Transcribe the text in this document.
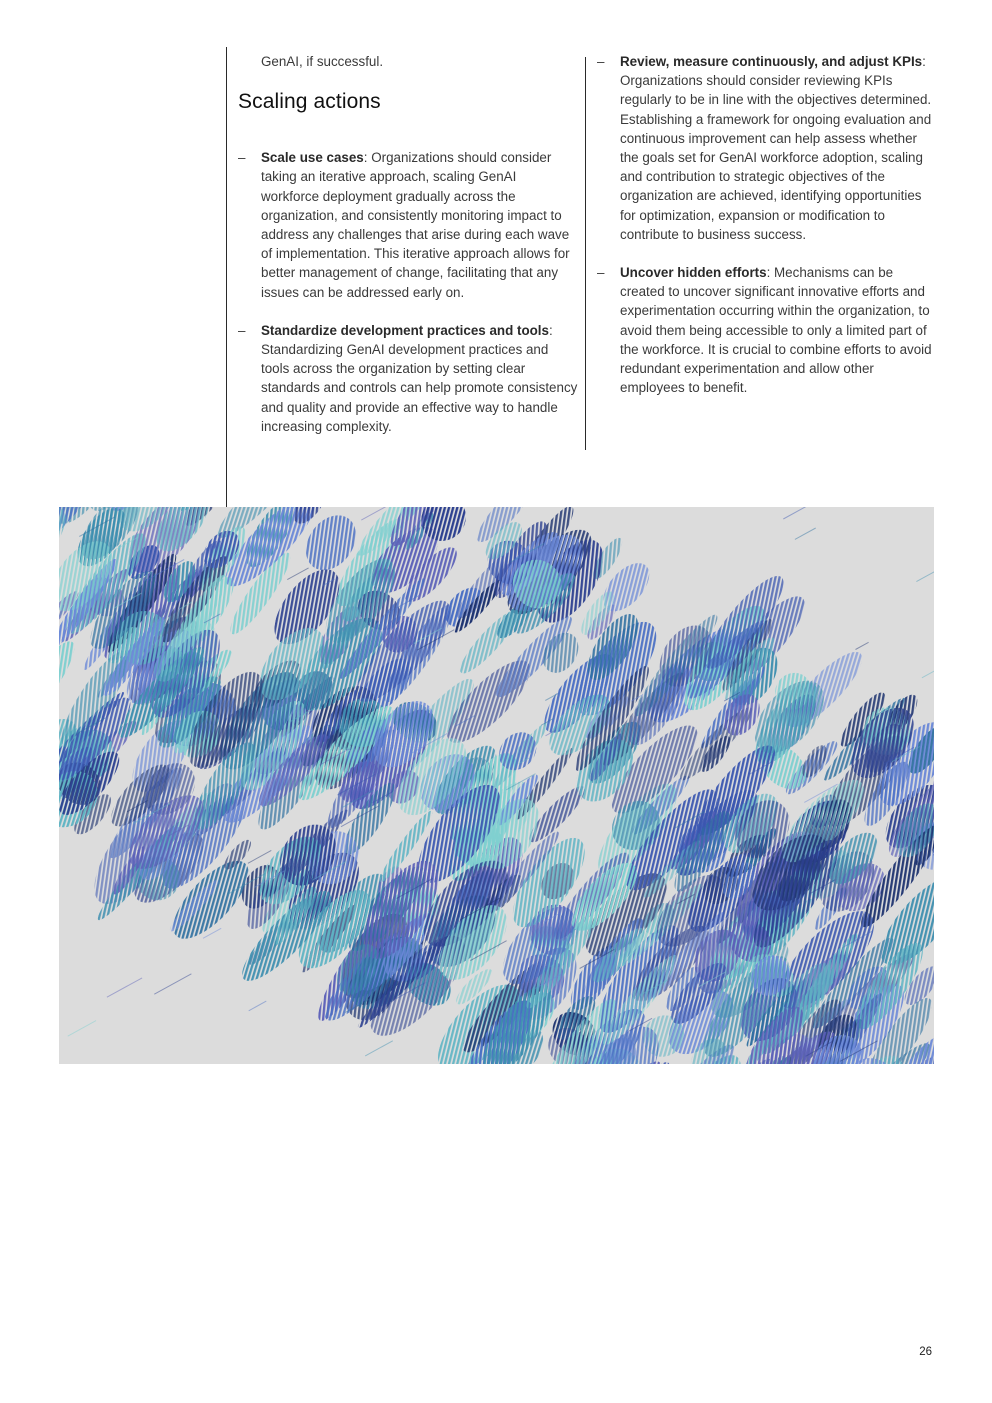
GenAI, if successful.

Scaling actions
– Scale use cases: Organizations should consider taking an iterative approach, scaling GenAI workforce deployment gradually across the organization, and consistently monitoring impact to address any challenges that arise during each wave of implementation. This iterative approach allows for better management of change, facilitating that any issues can be addressed early on.
– Standardize development practices and tools: Standardizing GenAI development practices and tools across the organization by setting clear standards and controls can help promote consistency and quality and provide an effective way to handle increasing complexity.
– Review, measure continuously, and adjust KPIs: Organizations should consider reviewing KPIs regularly to be in line with the objectives determined. Establishing a framework for ongoing evaluation and continuous improvement can help assess whether the goals set for GenAI workforce adoption, scaling and contribution to strategic objectives of the organization are achieved, identifying opportunities for optimization, expansion or modification to contribute to business success.
– Uncover hidden efforts: Mechanisms can be created to uncover significant innovative efforts and experimentation occurring within the organization, to avoid them being accessible to only a limited part of the workforce. It is crucial to combine efforts to avoid redundant experimentation and allow other employees to benefit.
26
